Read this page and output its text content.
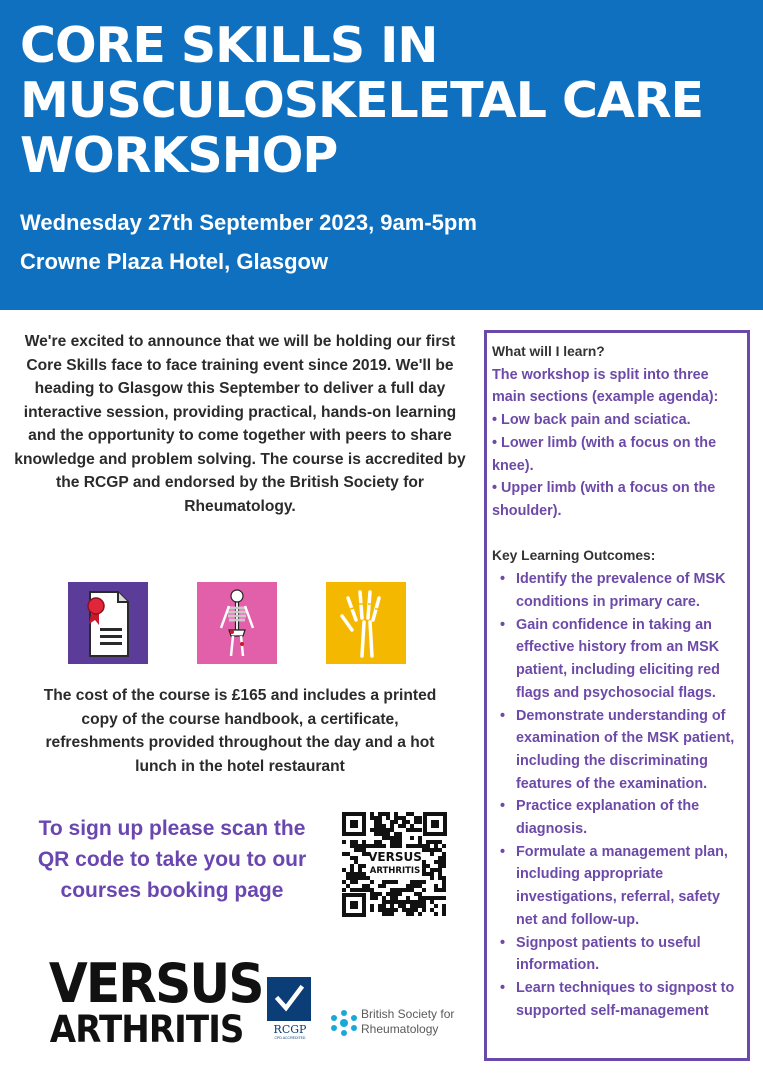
CORE SKILLS IN MUSCULOSKELETAL CARE WORKSHOP
Wednesday 27th September 2023, 9am-5pm
Crowne Plaza Hotel, Glasgow

We're excited to announce that we will be holding our first Core Skills face to face training event since 2019. We'll be heading to Glasgow this September to deliver a full day interactive session, providing practical, hands-on learning and the opportunity to come together with peers to share knowledge and problem solving. The course is accredited by the RCGP and endorsed by the British Society for Rheumatology.

The cost of the course is £165 and includes a printed copy of the course handbook, a certificate, refreshments provided throughout the day and a hot lunch in the hotel restaurant

To sign up please scan the QR code to take you to our courses booking page

VERSUS
ARTHRITIS
VERSUS
ARTHRITIS	RCGP
CPD ACCREDITED
British Society for
Rheumatology
What will I learn?
The workshop is split into three main sections (example agenda):
• Low back pain and sciatica.
• Lower limb (with a focus on the knee).
• Upper limb (with a focus on the shoulder).
Key Learning Outcomes:
• Identify the prevalence of MSK conditions in primary care.
• Gain confidence in taking an effective history from an MSK patient, including eliciting red flags and psychosocial flags.
• Demonstrate understanding of examination of the MSK patient, including the discriminating features of the examination.
• Practice explanation of the diagnosis.
• Formulate a management plan, including appropriate investigations, referral, safety net and follow-up.
• Signpost patients to useful information.
• Learn techniques to signpost to supported self-management
